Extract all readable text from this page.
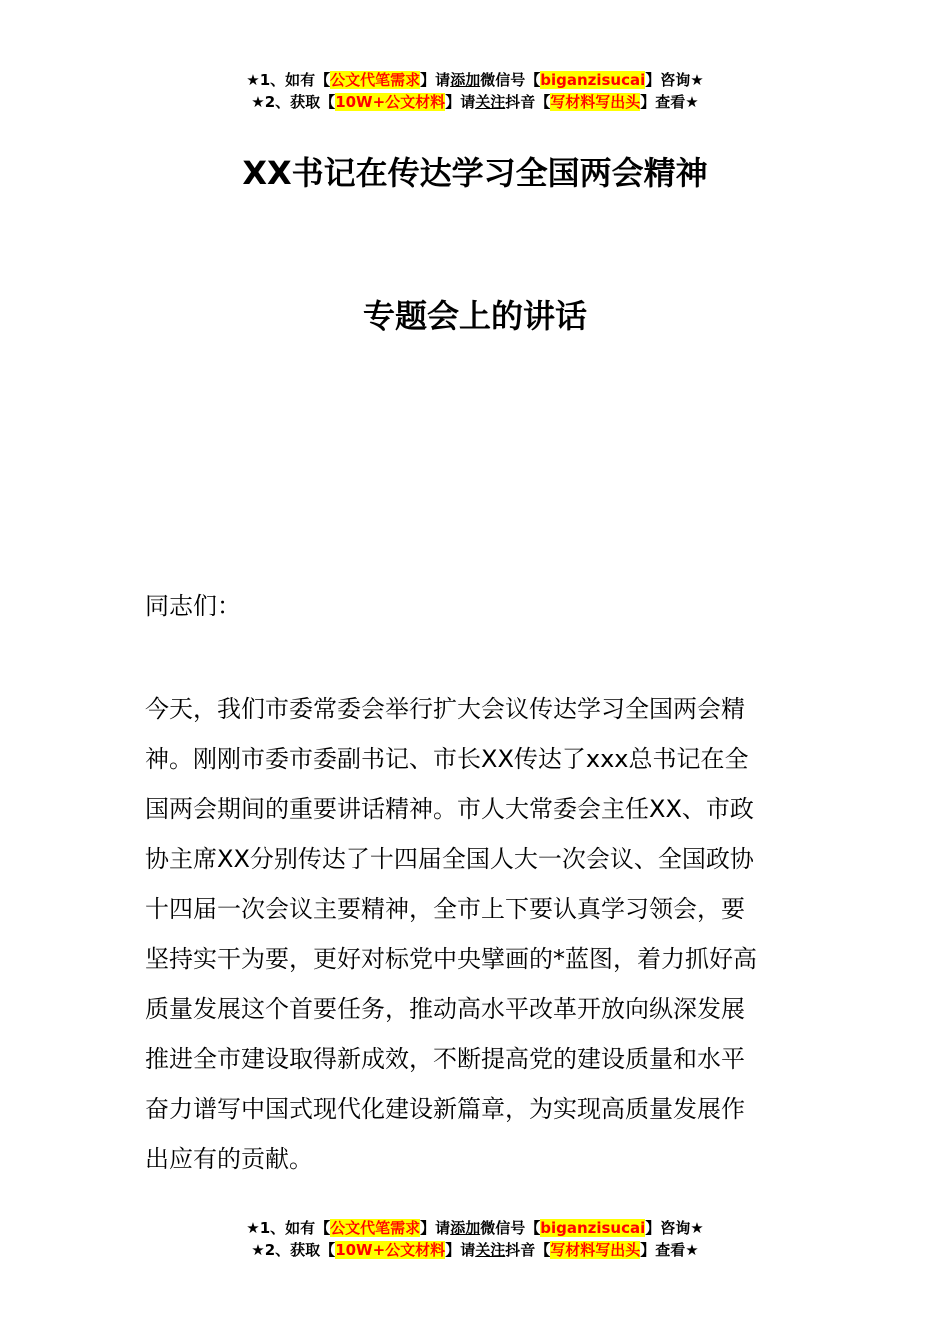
★1、如有【公文代笔需求】请添加微信号【biganzisucai】咨询★
★2、获取【10W+公文材料】请关注抖音【写材料写出头】查看★
XX书记在传达学习全国两会精神
专题会上的讲话
同志们：
今天，我们市委常委会举行扩大会议传达学习全国两会精
神。刚刚市委市委副书记、市长XX传达了xxx总书记在全
国两会期间的重要讲话精神。市人大常委会主任XX、市政
协主席XX分别传达了十四届全国人大一次会议、全国政协
十四届一次会议主要精神，全市上下要认真学习领会，要
坚持实干为要，更好对标党中央擘画的*蓝图，着力抓好高
质量发展这个首要任务，推动高水平改革开放向纵深发展
推进全市建设取得新成效，不断提高党的建设质量和水平
奋力谱写中国式现代化建设新篇章，为实现高质量发展作
出应有的贡献。
★1、如有【公文代笔需求】请添加微信号【biganzisucai】咨询★
★2、获取【10W+公文材料】请关注抖音【写材料写出头】查看★
